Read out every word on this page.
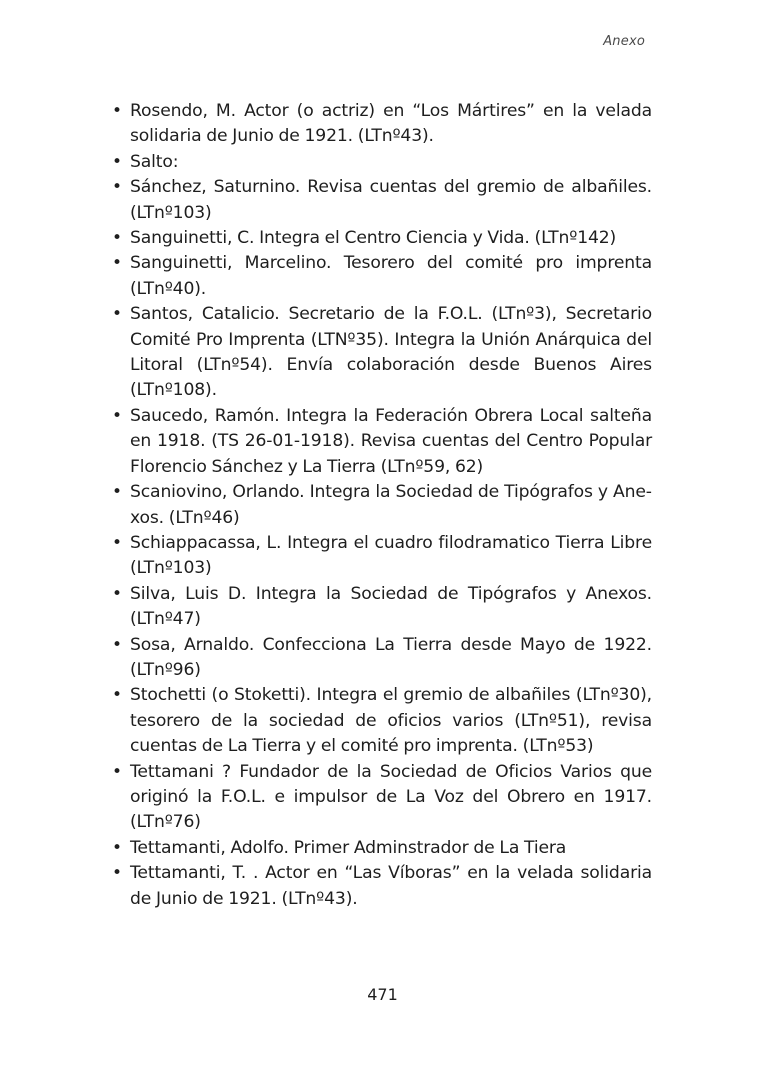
Anexo
• Rosendo, M. Actor (o actriz) en “Los Mártires” en la velada solidaria de Junio de 1921. (LTnº43).
• Salto:
• Sánchez, Saturnino. Revisa cuentas del gremio de albañiles. (LTnº103)
• Sanguinetti, C. Integra el Centro Ciencia y Vida. (LTnº142)
• Sanguinetti, Marcelino. Tesorero del comité pro imprenta (LTnº40).
• Santos, Catalicio. Secretario de la F.O.L. (LTnº3), Secretario Comité Pro Imprenta (LTNº35). Integra la Unión Anárquica del Litoral (LTnº54). Envía colaboración desde Buenos Aires (LTnº108).
• Saucedo, Ramón. Integra la Federación Obrera Local salteña en 1918. (TS 26-01-1918). Revisa cuentas del Centro Popular Florencio Sánchez y La Tierra (LTnº59, 62)
• Scaniovino, Orlando. Integra la Sociedad de Tipógrafos y Anexos. (LTnº46)
• Schiappacassa, L. Integra el cuadro filodramatico Tierra Libre (LTnº103)
• Silva, Luis D. Integra la Sociedad de Tipógrafos y Anexos. (LTnº47)
• Sosa, Arnaldo. Confecciona La Tierra desde Mayo de 1922. (LTnº96)
• Stochetti (o Stoketti). Integra el gremio de albañiles (LTnº30), tesorero de la sociedad de oficios varios (LTnº51), revisa cuentas de La Tierra y el comité pro imprenta. (LTnº53)
• Tettamani ? Fundador de la Sociedad de Oficios Varios que originó la F.O.L. e impulsor de La Voz del Obrero en 1917. (LTnº76)
• Tettamanti, Adolfo. Primer Adminstrador de La Tiera
• Tettamanti, T. . Actor en “Las Víboras” en la velada solidaria de Junio de 1921. (LTnº43).
471
